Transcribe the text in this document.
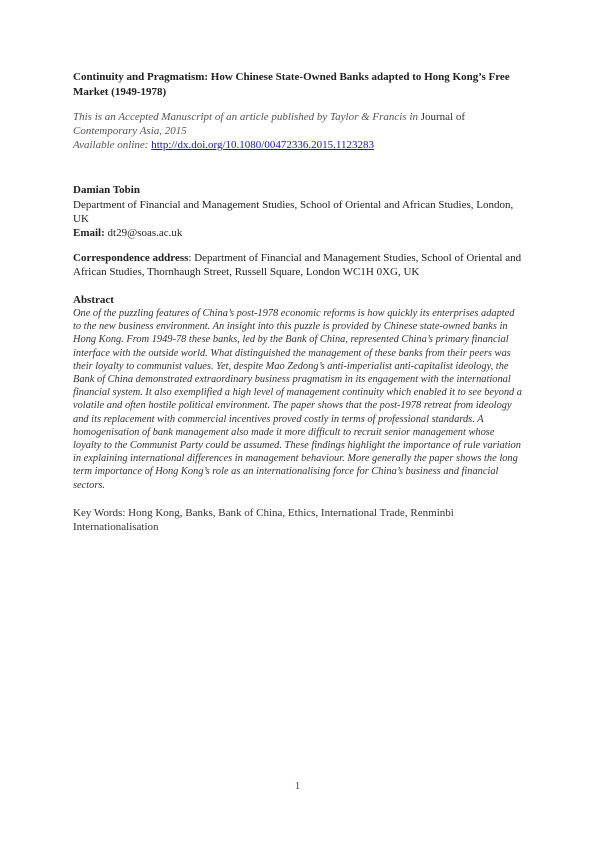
Continuity and Pragmatism: How Chinese State-Owned Banks adapted to Hong Kong’s Free Market (1949-1978)

This is an Accepted Manuscript of an article published by Taylor & Francis in Journal of
Contemporary Asia, 2015
Available online: http://dx.doi.org/10.1080/00472336.2015.1123283

Damian Tobin

Department of Financial and Management Studies, School of Oriental and African Studies, London, UK

Email: dt29@soas.ac.uk

Correspondence address: Department of Financial and Management Studies, School of Oriental and African Studies, Thornhaugh Street, Russell Square, London WC1H 0XG, UK

Abstract

One of the puzzling features of China’s post-1978 economic reforms is how quickly its enterprises adapted to the new business environment. An insight into this puzzle is provided by Chinese state-owned banks in Hong Kong. From 1949-78 these banks, led by the Bank of China, represented China’s primary financial interface with the outside world. What distinguished the management of these banks from their peers was their loyalty to communist values. Yet, despite Mao Zedong’s anti-imperialist anti-capitalist ideology, the Bank of China demonstrated extraordinary business pragmatism in its engagement with the international financial system. It also exemplified a high level of management continuity which enabled it to see beyond a volatile and often hostile political environment. The paper shows that the post-1978 retreat from ideology and its replacement with commercial incentives proved costly in terms of professional standards. A homogenisation of bank management also made it more difficult to recruit senior management whose loyalty to the Communist Party could be assumed. These findings highlight the importance of rule variation in explaining international differences in management behaviour. More generally the paper shows the long term importance of Hong Kong’s role as an internationalising force for China’s business and financial sectors.

Key Words: Hong Kong, Banks, Bank of China, Ethics, International Trade, Renminbi Internationalisation

1
